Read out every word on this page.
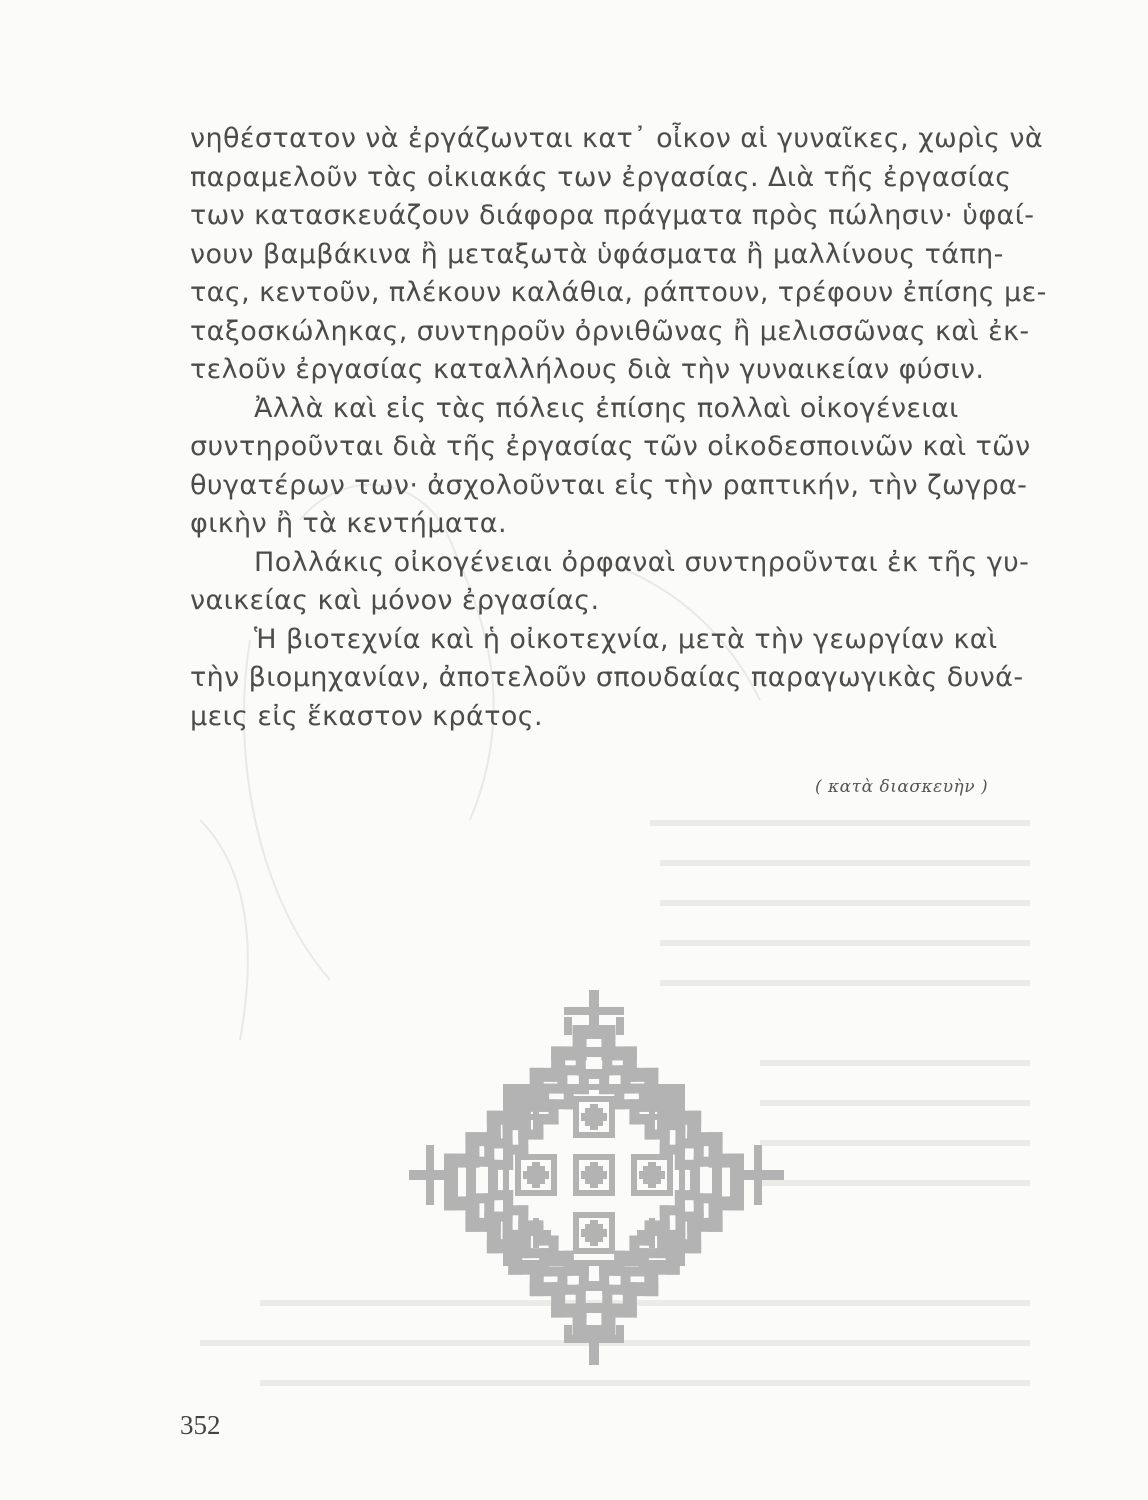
νηθέστατον νὰ ἐργάζωνται κατ᾽ οἶκον αἱ γυναῖκες, χωρὶς νὰ
παραμελοῦν τὰς οἰκιακάς των ἐργασίας. Διὰ τῆς ἐργασίας
των κατασκευάζουν διάφορα πράγματα πρὸς πώλησιν· ὑφαί-
νουν βαμβάκινα ἢ μεταξωτὰ ὑφάσματα ἢ μαλλίνους τάπη-
τας, κεντοῦν, πλέκουν καλάθια, ράπτουν, τρέφουν ἐπίσης με-
ταξοσκώληκας, συντηροῦν ὀρνιθῶνας ἢ μελισσῶνας καὶ ἐκ-
τελοῦν ἐργασίας καταλλήλους διὰ τὴν γυναικείαν φύσιν.
Ἀλλὰ καὶ εἰς τὰς πόλεις ἐπίσης πολλαὶ οἰκογένειαι
συντηροῦνται διὰ τῆς ἐργασίας τῶν οἰκοδεσποινῶν καὶ τῶν
θυγατέρων των· ἀσχολοῦνται εἰς τὴν ραπτικήν, τὴν ζωγρα-
φικὴν ἢ τὰ κεντήματα.
Πολλάκις οἰκογένειαι ὀρφαναὶ συντηροῦνται ἐκ τῆς γυ-
ναικείας καὶ μόνον ἐργασίας.
Ἡ βιοτεχνία καὶ ἡ οἰκοτεχνία, μετὰ τὴν γεωργίαν καὶ
τὴν βιομηχανίαν, ἀποτελοῦν σπουδαίας παραγωγικὰς δυνά-
μεις εἰς ἕκαστον κράτος.
( κατὰ διασκευὴν )
352
